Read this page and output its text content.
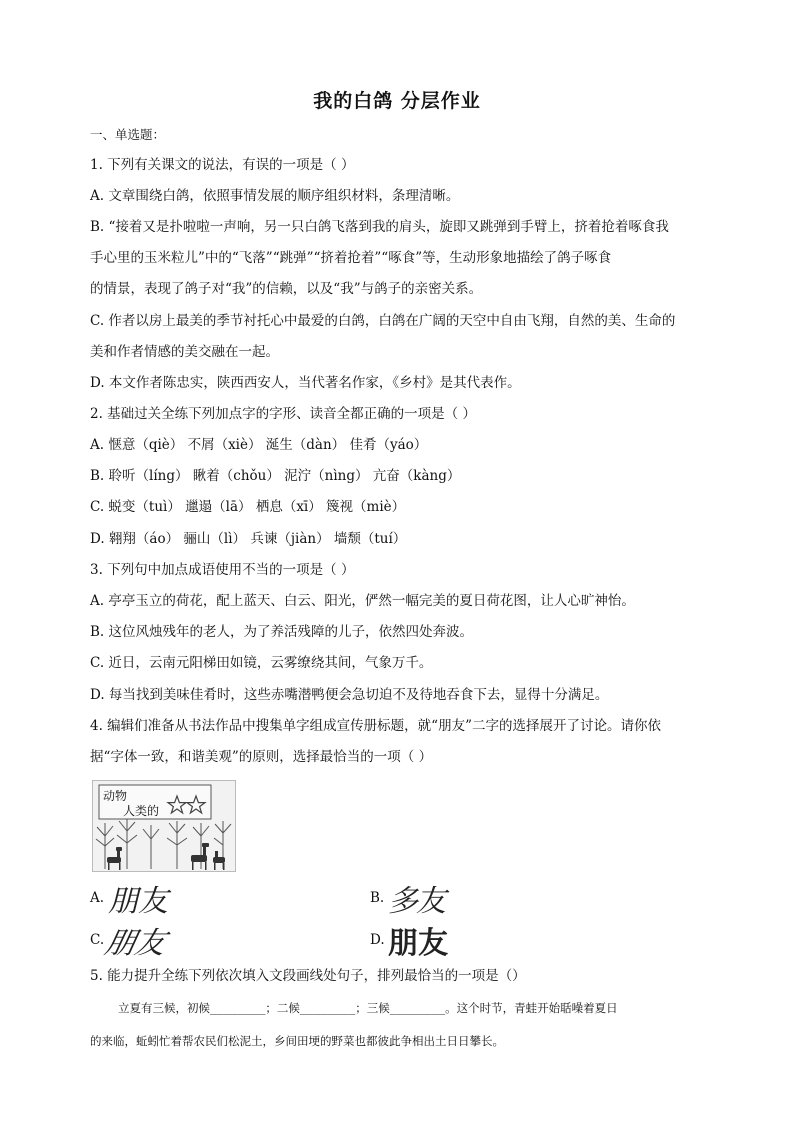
我的白鸽 分层作业
一、单选题：
1. 下列有关课文的说法，有误的一项是（ ）
A. 文章围绕白鸽，依照事情发展的顺序组织材料，条理清晰。
B. “接着又是扑啦啦一声响，另一只白鸽飞落到我的肩头，旋即又跳弹到手臂上，挤着抢着啄食我
手心里的玉米粒儿”中的“飞落”“跳弹”“挤着抢着”“啄食”等，生动形象地描绘了鸽子啄食
的情景，表现了鸽子对“我”的信赖，以及“我”与鸽子的亲密关系。
C. 作者以房上最美的季节衬托心中最爱的白鸽，白鸽在广阔的天空中自由飞翔，自然的美、生命的
美和作者情感的美交融在一起。
D. 本文作者陈忠实，陕西西安人，当代著名作家，《乡村》是其代表作。
2. 基础过关全练下列加点字的字形、读音全都正确的一项是（ ）
A. 惬意（qiè） 不屑（xiè） 涎生（dàn） 佳肴（yáo）
B. 聆听（líng） 瞅着（chǒu） 泥泞（nìng） 亢奋（kàng）
C. 蜕变（tuì） 邋遢（lā） 栖息（xī） 篾视（miè）
D. 翱翔（áo） 骊山（lì） 兵谏（jiàn） 墙颓（tuí）
3. 下列句中加点成语使用不当的一项是（ ）
A. 亭亭玉立的荷花，配上蓝天、白云、阳光，俨然一幅完美的夏日荷花图，让人心旷神怡。
B. 这位风烛残年的老人，为了养活残障的儿子，依然四处奔波。
C. 近日，云南元阳梯田如镜，云雾缭绕其间，气象万千。
D. 每当找到美味佳肴时，这些赤嘴潜鸭便会急切迫不及待地吞食下去，显得十分满足。
4. 编辑们准备从书法作品中搜集单字组成宣传册标题，就“朋友”二字的选择展开了讨论。请你依
据“字体一致，和谐美观”的原则，选择最恰当的一项（ ）
动物
人类的
A. 朋友	B. 多友
C.
朋友	D. 朋友
5. 能力提升全练下列依次填入文段画线处句子，排列最恰当的一项是（）
立夏有三候，初候________；二候________；三候________。这个时节，青蛙开始聒噪着夏日
的来临，蚯蚓忙着帮农民们松泥土，乡间田埂的野菜也都彼此争相出土日日攀长。
